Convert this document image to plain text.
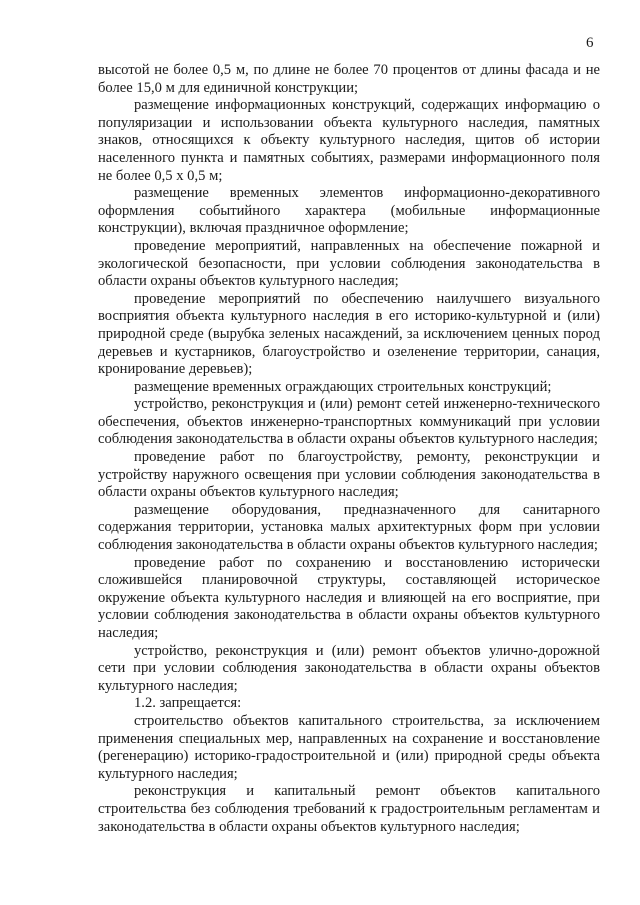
6

высотой не более 0,5 м, по длине не более 70 процентов от длины фасада и не более 15,0 м для единичной конструкции;

размещение информационных конструкций, содержащих информацию о популяризации и использовании объекта культурного наследия, памятных знаков, относящихся к объекту культурного наследия, щитов об истории населенного пункта и памятных событиях, размерами информационного поля не более 0,5 х 0,5 м;

размещение временных элементов информационно-декоративного оформления событийного характера (мобильные информационные конструкции), включая праздничное оформление;

проведение мероприятий, направленных на обеспечение пожарной и экологической безопасности, при условии соблюдения законодательства в области охраны объектов культурного наследия;

проведение мероприятий по обеспечению наилучшего визуального восприятия объекта культурного наследия в его историко-культурной и (или) природной среде (вырубка зеленых насаждений, за исключением ценных пород деревьев и кустарников, благоустройство и озеленение территории, санация, кронирование деревьев);

размещение временных ограждающих строительных конструкций;

устройство, реконструкция и (или) ремонт сетей инженерно-технического обеспечения, объектов инженерно-транспортных коммуникаций при условии соблюдения законодательства в области охраны объектов культурного наследия;

проведение работ по благоустройству, ремонту, реконструкции и устройству наружного освещения при условии соблюдения законодательства в области охраны объектов культурного наследия;

размещение оборудования, предназначенного для санитарного содержания территории, установка малых архитектурных форм при условии соблюдения законодательства в области охраны объектов культурного наследия;

проведение работ по сохранению и восстановлению исторически сложившейся планировочной структуры, составляющей историческое окружение объекта культурного наследия и влияющей на его восприятие, при условии соблюдения законодательства в области охраны объектов культурного наследия;

устройство, реконструкция и (или) ремонт объектов улично-дорожной сети при условии соблюдения законодательства в области охраны объектов культурного наследия;

1.2. запрещается:

строительство объектов капитального строительства, за исключением применения специальных мер, направленных на сохранение и восстановление (регенерацию) историко-градостроительной и (или) природной среды объекта культурного наследия;

реконструкция и капитальный ремонт объектов капитального строительства без соблюдения требований к градостроительным регламентам и законодательства в области охраны объектов культурного наследия;
